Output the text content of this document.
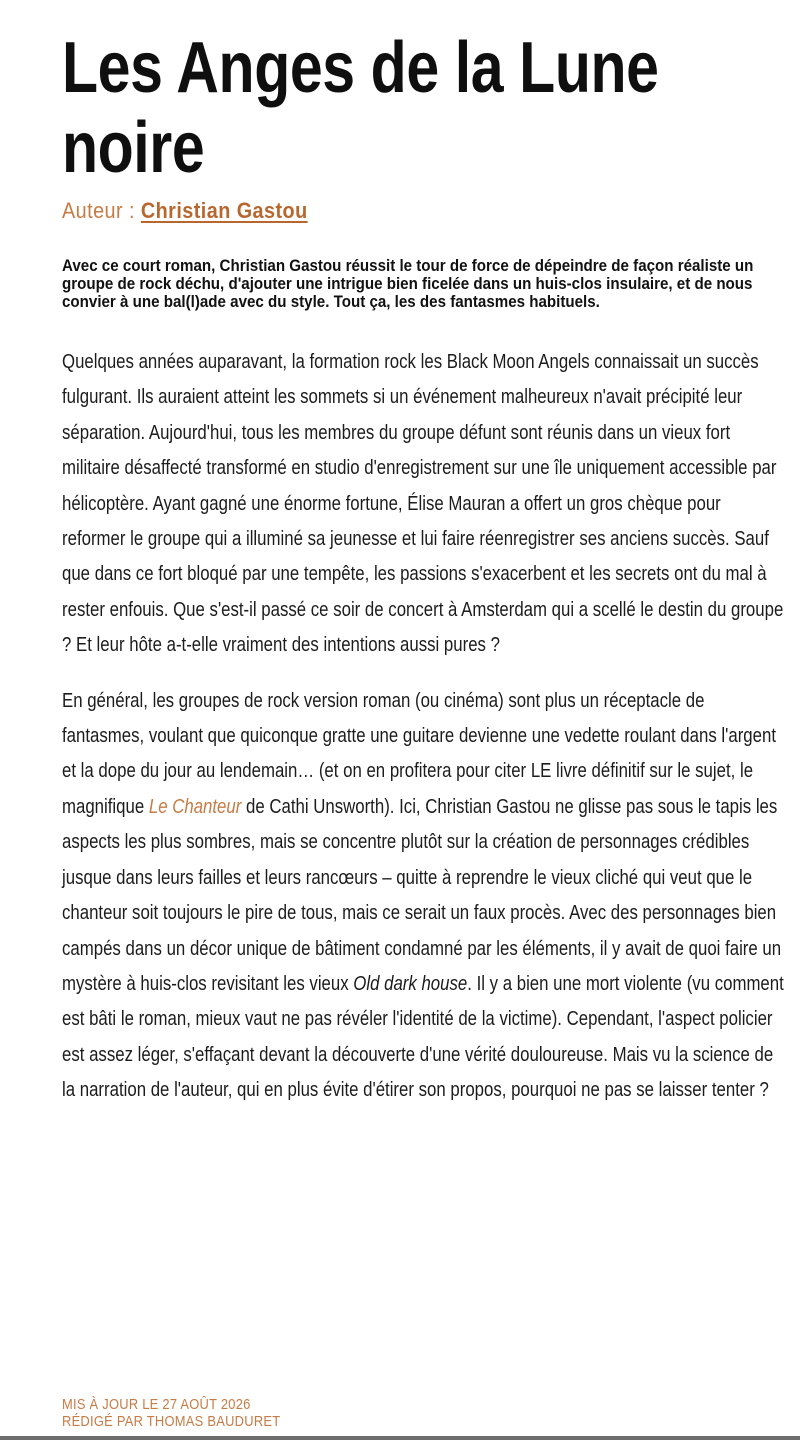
Les Anges de la Lune noire
Auteur : Christian Gastou
Avec ce court roman, Christian Gastou réussit le tour de force de dépeindre de façon réaliste un groupe de rock déchu, d'ajouter une intrigue bien ficelée dans un huis-clos insulaire, et de nous convier à une bal(l)ade avec du style. Tout ça, les des fantasmes habituels.
Quelques années auparavant, la formation rock les Black Moon Angels connaissait un succès fulgurant. Ils auraient atteint les sommets si un événement malheureux n'avait précipité leur séparation. Aujourd'hui, tous les membres du groupe défunt sont réunis dans un vieux fort militaire désaffecté transformé en studio d'enregistrement sur une île uniquement accessible par hélicoptère. Ayant gagné une énorme fortune, Élise Mauran a offert un gros chèque pour reformer le groupe qui a illuminé sa jeunesse et lui faire réenregistrer ses anciens succès. Sauf que dans ce fort bloqué par une tempête, les passions s'exacerbent et les secrets ont du mal à rester enfouis. Que s'est-il passé ce soir de concert à Amsterdam qui a scellé le destin du groupe ? Et leur hôte a-t-elle vraiment des intentions aussi pures ?
En général, les groupes de rock version roman (ou cinéma) sont plus un réceptacle de fantasmes, voulant que quiconque gratte une guitare devienne une vedette roulant dans l'argent et la dope du jour au lendemain… (et on en profitera pour citer LE livre définitif sur le sujet, le magnifique Le Chanteur de Cathi Unsworth). Ici, Christian Gastou ne glisse pas sous le tapis les aspects les plus sombres, mais se concentre plutôt sur la création de personnages crédibles jusque dans leurs failles et leurs rancœurs – quitte à reprendre le vieux cliché qui veut que le chanteur soit toujours le pire de tous, mais ce serait un faux procès. Avec des personnages bien campés dans un décor unique de bâtiment condamné par les éléments, il y avait de quoi faire un mystère à huis-clos revisitant les vieux Old dark house. Il y a bien une mort violente (vu comment est bâti le roman, mieux vaut ne pas révéler l'identité de la victime). Cependant, l'aspect policier est assez léger, s'effaçant devant la découverte d'une vérité douloureuse. Mais vu la science de la narration de l'auteur, qui en plus évite d'étirer son propos, pourquoi ne pas se laisser tenter ?
MIS À JOUR LE 27 AOÛT 2026
RÉDIGÉ PAR THOMAS BAUDURET
